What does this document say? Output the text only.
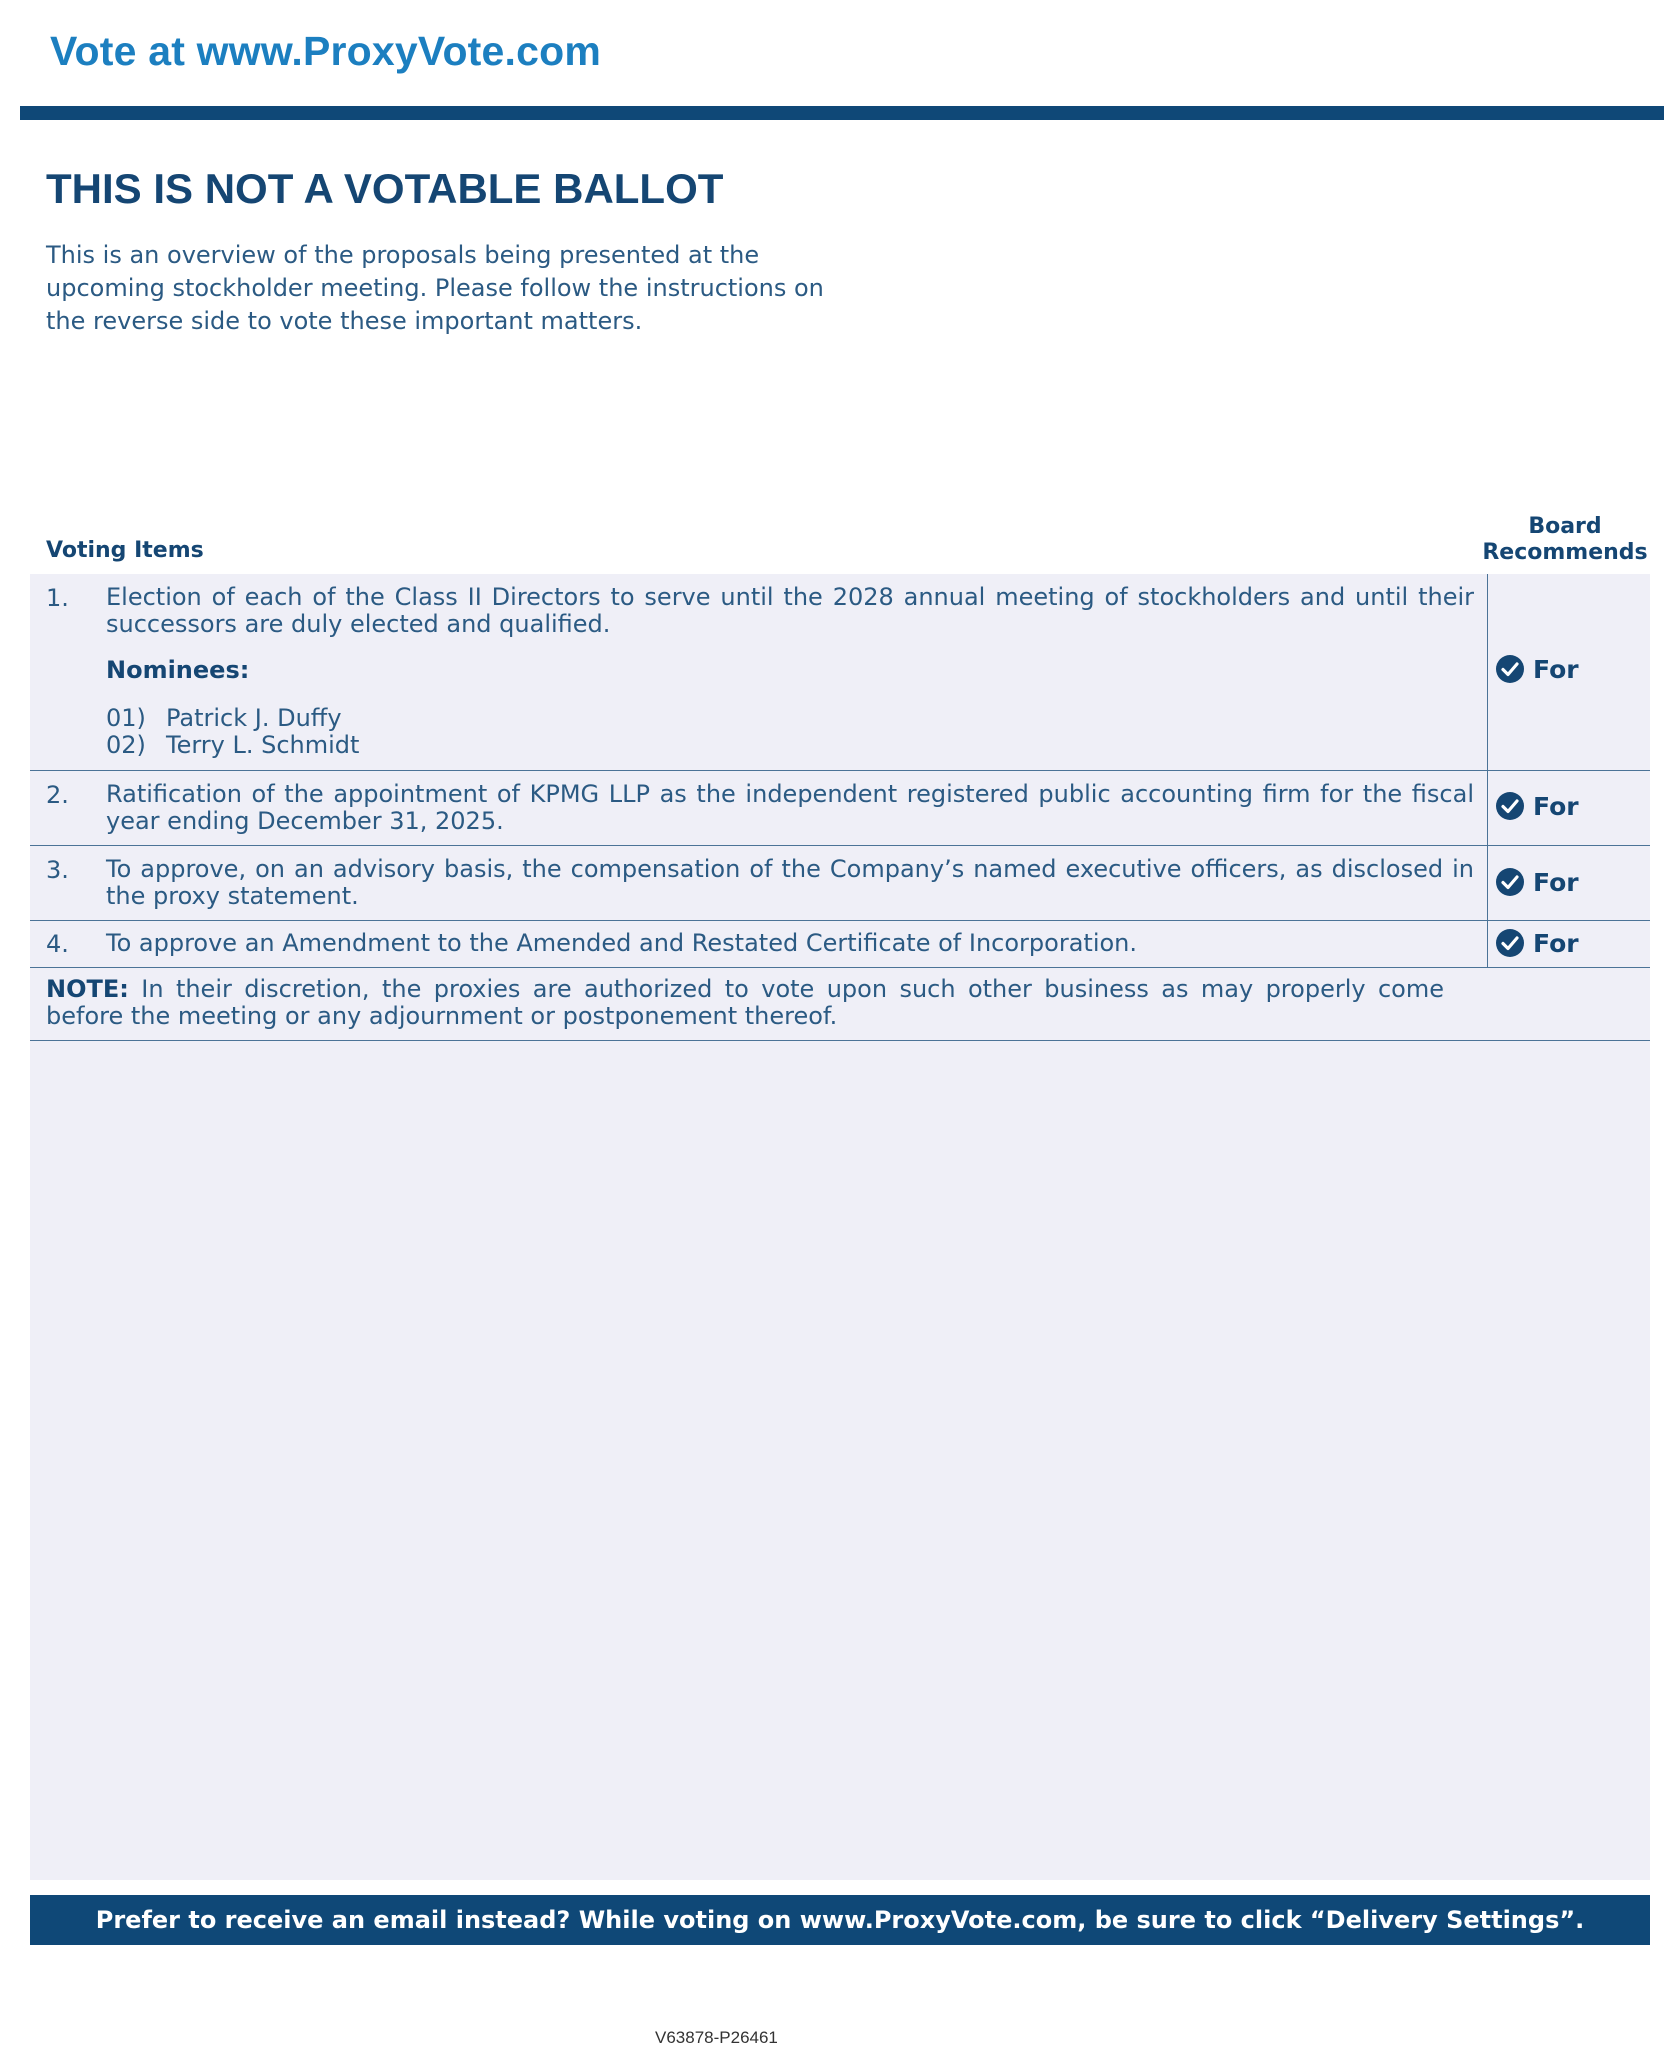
Vote at www.ProxyVote.com
THIS IS NOT A VOTABLE BALLOT

This is an overview of the proposals being presented at the
upcoming stockholder meeting. Please follow the instructions on
the reverse side to vote these important matters.

Voting Items
Board
Recommends
1. Election of each of the Class II Directors to serve until the 2028 annual meeting of stockholders and until their successors are duly elected and qualified.

Nominees:
01) Patrick J. Duffy
02) Terry L. Schmidt
For
2. Ratification of the appointment of KPMG LLP as the independent registered public accounting firm for the fiscal year ending December 31, 2025.

For
3. To approve, on an advisory basis, the compensation of the Company’s named executive officers, as disclosed in the proxy statement.	For
4. To approve an Amendment to the Amended and Restated Certificate of Incorporation.	For

NOTE: In their discretion, the proxies are authorized to vote upon such other business as may properly come before the meeting or any adjournment or postponement thereof.

Prefer to receive an email instead? While voting on www.ProxyVote.com, be sure to click “Delivery Settings”.
V63878-P26461
